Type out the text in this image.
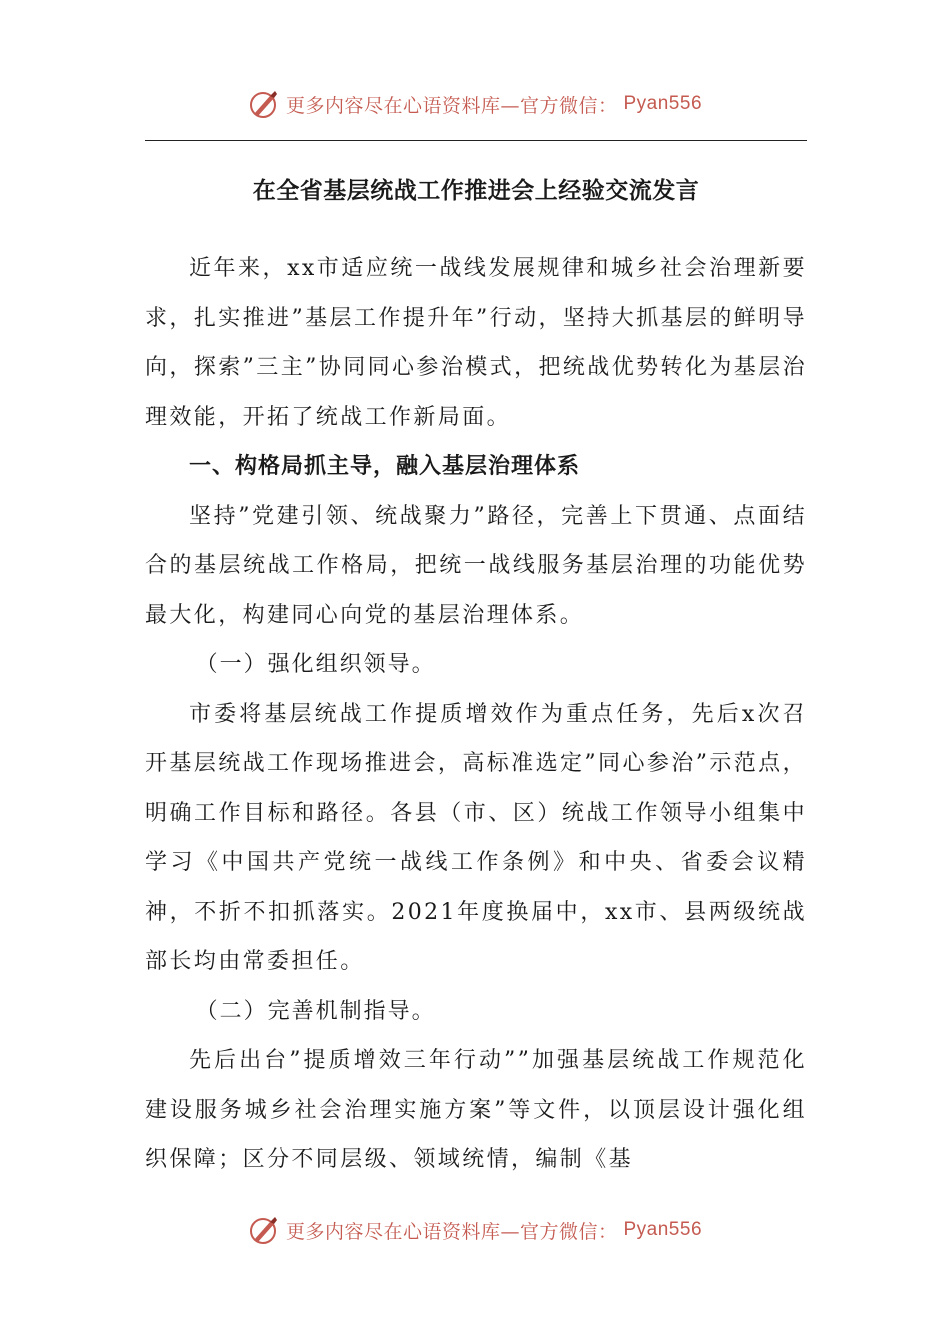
更多内容尽在心语资料库—官方微信： Pyan556
在全省基层统战工作推进会上经验交流发言

近年来，xx市适应统一战线发展规律和城乡社会治理新要求，扎实推进”基层工作提升年”行动，坚持大抓基层的鲜明导向，探索”三主”协同同心参治模式，把统战优势转化为基层治理效能，开拓了统战工作新局面。

一、构格局抓主导，融入基层治理体系

坚持”党建引领、统战聚力”路径，完善上下贯通、点面结合的基层统战工作格局，把统一战线服务基层治理的功能优势最大化，构建同心向党的基层治理体系。

（一）强化组织领导。

市委将基层统战工作提质增效作为重点任务，先后x次召开基层统战工作现场推进会，高标准选定”同心参治”示范点，明确工作目标和路径。各县（市、区）统战工作领导小组集中学习《中国共产党统一战线工作条例》和中央、省委会议精神，不折不扣抓落实。2021年度换届中，xx市、县两级统战部长均由常委担任。

（二）完善机制指导。

先后出台”提质增效三年行动””加强基层统战工作规范化建设服务城乡社会治理实施方案”等文件，以顶层设计强化组织保障；区分不同层级、领域统情，编制《基

更多内容尽在心语资料库—官方微信： Pyan556
